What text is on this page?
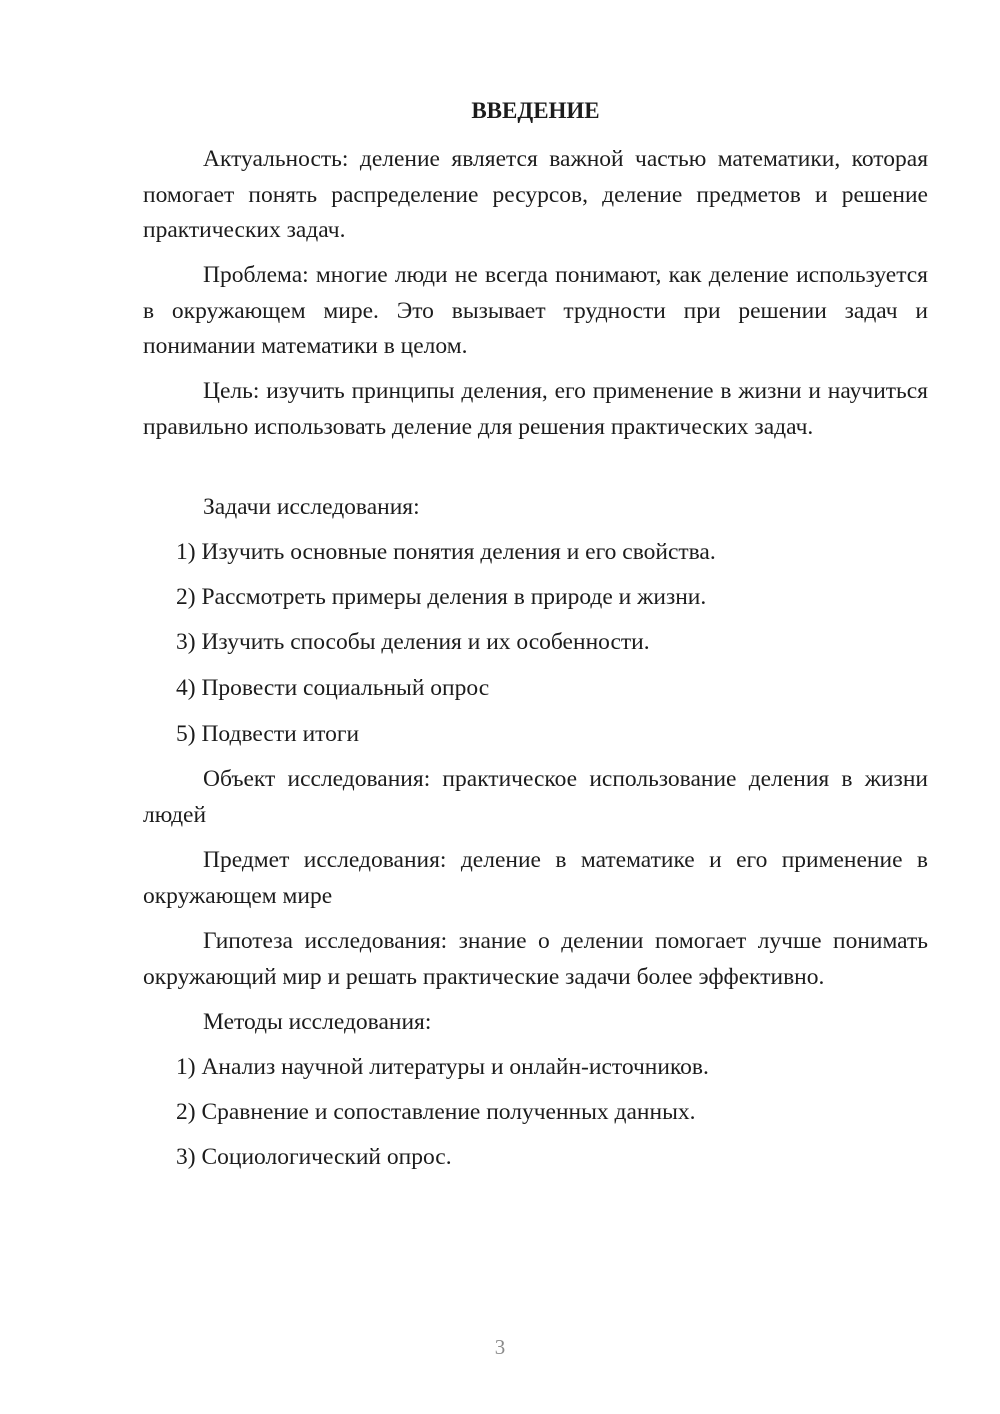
ВВЕДЕНИЕ

Актуальность: деление является важной частью математики, которая помогает понять распределение ресурсов, деление предметов и решение практических задач.

Проблема: многие люди не всегда понимают, как деление используется в окружающем мире. Это вызывает трудности при решении задач и понимании математики в целом.

Цель: изучить принципы деления, его применение в жизни и научиться правильно использовать деление для решения практических задач.

Задачи исследования:

1) Изучить основные понятия деления и его свойства.

2) Рассмотреть примеры деления в природе и жизни.

3) Изучить способы деления и их особенности.

4) Провести социальный опрос

5) Подвести итоги

Объект исследования: практическое использование деления в жизни людей

Предмет исследования: деление в математике и его применение в окружающем мире

Гипотеза исследования: знание о делении помогает лучше понимать окружающий мир и решать практические задачи более эффективно.

Методы исследования:

1) Анализ научной литературы и онлайн-источников.

2) Сравнение и сопоставление полученных данных.

3) Социологический опрос.

3
